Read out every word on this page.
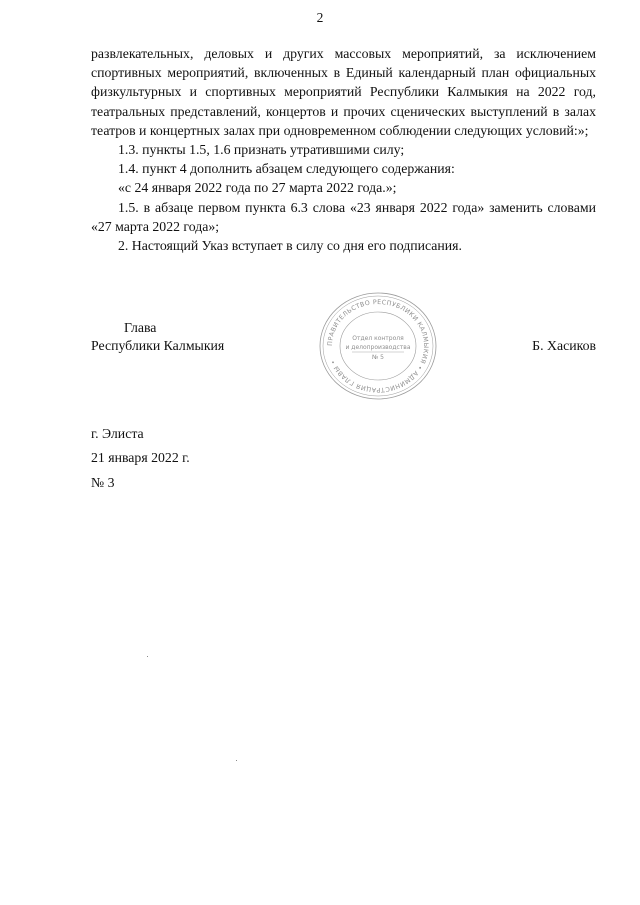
2

развлекательных, деловых и других массовых мероприятий, за исключением спортивных мероприятий, включенных в Единый календарный план официальных физкультурных и спортивных мероприятий Республики Калмыкия на 2022 год, театральных представлений, концертов и прочих сценических выступлений в залах театров и концертных залах при одновременном соблюдении следующих условий:»;

1.3. пункты 1.5, 1.6 признать утратившими силу;

1.4. пункт 4 дополнить абзацем следующего содержания:

«с 24 января 2022 года по 27 марта 2022 года.»;

1.5. в абзаце первом пункта 6.3 слова «23 января 2022 года» заменить словами «27 марта 2022 года»;

2. Настоящий Указ вступает в силу со дня его подписания.

Глава
Республики Калмыкия	Б. Хасиков
ПРАВИТЕЛЬСТВО РЕСПУБЛИКИ КАЛМЫКИЯ • АДМИНИСТРАЦИЯ ГЛАВЫ •
Отдел контроля
и делопроизводства
№ 5
г. Элиста
21 января 2022 г.
№ 3
